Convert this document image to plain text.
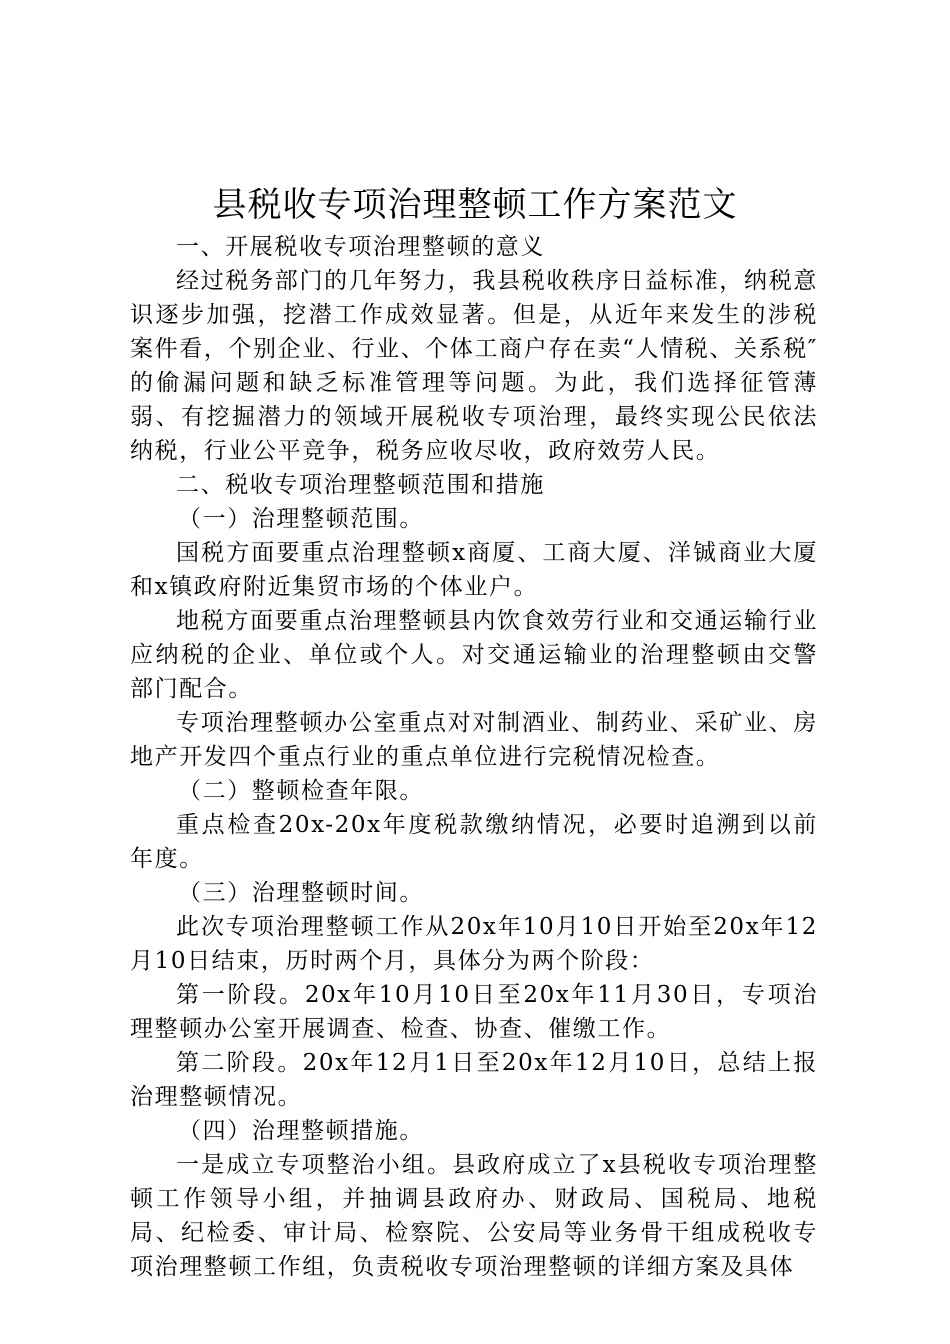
县税收专项治理整顿工作方案范文

一、开展税收专项治理整顿的意义

经过税务部门的几年努力，我县税收秩序日益标准，纳税意识逐步加强，挖潜工作成效显著。但是，从近年来发生的涉税案件看，个别企业、行业、个体工商户存在卖“人情税、关系税″的偷漏问题和缺乏标准管理等问题。为此，我们选择征管薄弱、有挖掘潜力的领域开展税收专项治理，最终实现公民依法纳税，行业公平竞争，税务应收尽收，政府效劳人民。

二、税收专项治理整顿范围和措施

（一）治理整顿范围。

国税方面要重点治理整顿x商厦、工商大厦、洋铖商业大厦和x镇政府附近集贸市场的个体业户。

地税方面要重点治理整顿县内饮食效劳行业和交通运输行业应纳税的企业、单位或个人。对交通运输业的治理整顿由交警部门配合。

专项治理整顿办公室重点对对制酒业、制药业、采矿业、房地产开发四个重点行业的重点单位进行完税情况检查。

（二）整顿检查年限。

重点检查20x-20x年度税款缴纳情况，必要时追溯到以前年度。

（三）治理整顿时间。

此次专项治理整顿工作从20x年10月10日开始至20x年12月10日结束，历时两个月，具体分为两个阶段：

第一阶段。20x年10月10日至20x年11月30日，专项治理整顿办公室开展调查、检查、协查、催缴工作。

第二阶段。20x年12月1日至20x年12月10日，总结上报治理整顿情况。

（四）治理整顿措施。

一是成立专项整治小组。县政府成立了x县税收专项治理整顿工作领导小组，并抽调县政府办、财政局、国税局、地税局、纪检委、审计局、检察院、公安局等业务骨干组成税收专项治理整顿工作组，负责税收专项治理整顿的详细方案及具体
